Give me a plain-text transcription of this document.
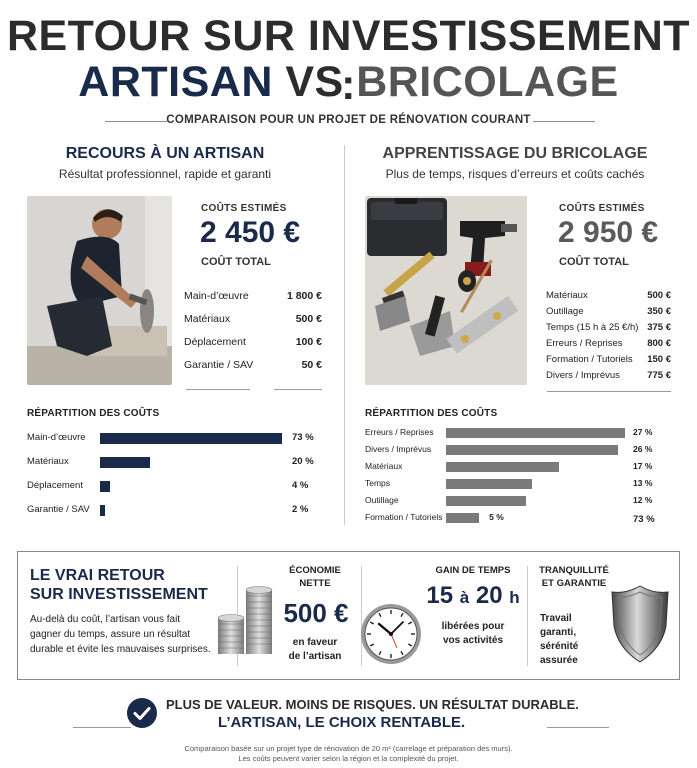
RETOUR SUR INVESTISSEMENT :
ARTISAN VS BRICOLAGE
COMPARAISON POUR UN PROJET DE RÉNOVATION COURANT
RECOURS À UN ARTISAN
Résultat professionnel, rapide et garanti
COÛTS ESTIMÉS
2 450 €
COÛT TOTAL
Main-d’œuvre	1 800 €
Matériaux	500 €
Déplacement	100 €
Garantie / SAV	50 €
RÉPARTITION DES COÛTS
Main-d’œuvre	73 %
Matériaux	20 %
Déplacement	4 %
Garantie / SAV	2 %
APPRENTISSAGE DU BRICOLAGE
Plus de temps, risques d’erreurs et coûts cachés
COÛTS ESTIMÉS
2 950 €
COÛT TOTAL
Matériaux	500 €
Outillage	350 €
Temps (15 h à 25 €/h) 375 €
Erreurs / Reprises	800 €
Formation / Tutoriels 150 €
Divers / Imprévus	775 €
RÉPARTITION DES COÛTS
Erreurs / Reprises	27 %
Divers / Imprévus	26 %
Matériaux	17 %
Temps	13 %
Outillage	12 %
Formation / Tutoriels	5 %	73 %
LE VRAI RETOUR
SUR INVESTISSEMENT
Au-delà du coût, l’artisan vous fait
gagner du temps, assure un résultat
durable et évite les mauvaises surprises.
ÉCONOMIE
NETTE
500 €
en faveur
de l’artisan
GAIN DE TEMPS
15 à 20 h
libérées pour
vos activités
TRANQUILLITÉ
ET GARANTIE
Travail garanti,
sérénité
assurée
PLUS DE VALEUR. MOINS DE RISQUES. UN RÉSULTAT DURABLE.
L’ARTISAN, LE CHOIX RENTABLE.
Comparaison basée sur un projet type de rénovation de 20 m² (carrelage et préparation des murs).
Les coûts peuvent varier selon la région et la complexité du projet.
